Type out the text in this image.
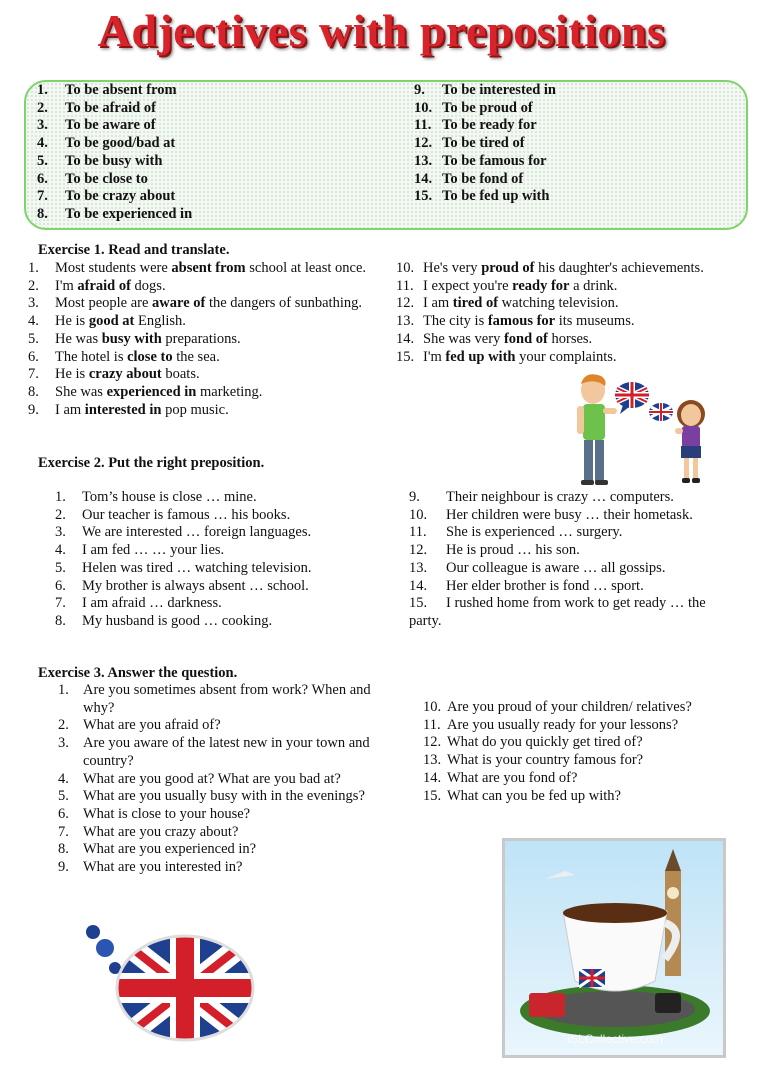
Adjectives with prepositions
1. To be absent from
2. To be afraid of
3. To be aware of
4. To be good/bad at
5. To be busy with
6. To be close to
7. To be crazy about
8. To be experienced in
9. To be interested in
10. To be proud of
11. To be ready for
12. To be tired of
13. To be famous for
14. To be fond of
15. To be fed up with
Exercise 1. Read and translate.
1. Most students were absent from school at least once.
2. I'm afraid of dogs.
3. Most people are aware of the dangers of sunbathing.
4. He is good at English.
5. He was busy with preparations.
6. The hotel is close to the sea.
7. He is crazy about boats.
8. She was experienced in marketing.
9. I am interested in pop music.
10. He's very proud of his daughter's achievements.
11. I expect you're ready for a drink.
12. I am tired of watching television.
13. The city is famous for its museums.
14. She was very fond of horses.
15. I'm fed up with your complaints.
Exercise 2. Put the right preposition.
1. Tom’s house is close … mine.
2. Our teacher is famous … his books.
3. We are interested … foreign languages.
4. I am fed … … your lies.
5. Helen was tired … watching television.
6. My brother is always absent … school.
7. I am afraid … darkness.
8. My husband is good … cooking.
9. Their neighbour is crazy … computers.
10. Her children were busy … their hometask.
11. She is experienced … surgery.
12. He is proud … his son.
13. Our colleague is aware … all gossips.
14. Her elder brother is fond … sport.
15. I rushed home from work to get ready … the
party.
Exercise 3. Answer the question.
1. Are you sometimes absent from work? When and
why?
2. What are you afraid of?
3. Are you aware of the latest new in your town and
country?
4. What are you good at? What are you bad at?
5. What are you usually busy with in the evenings?
6. What is close to your house?
7. What are you crazy about?
8. What are you experienced in?
9. What are you interested in?
10. Are you proud of your children/ relatives?
11. Are you usually ready for your lessons?
12. What do you quickly get tired of?
13. What is your country famous for?
14. What are you fond of?
15. What can you be fed up with?
iSLCollective.com
